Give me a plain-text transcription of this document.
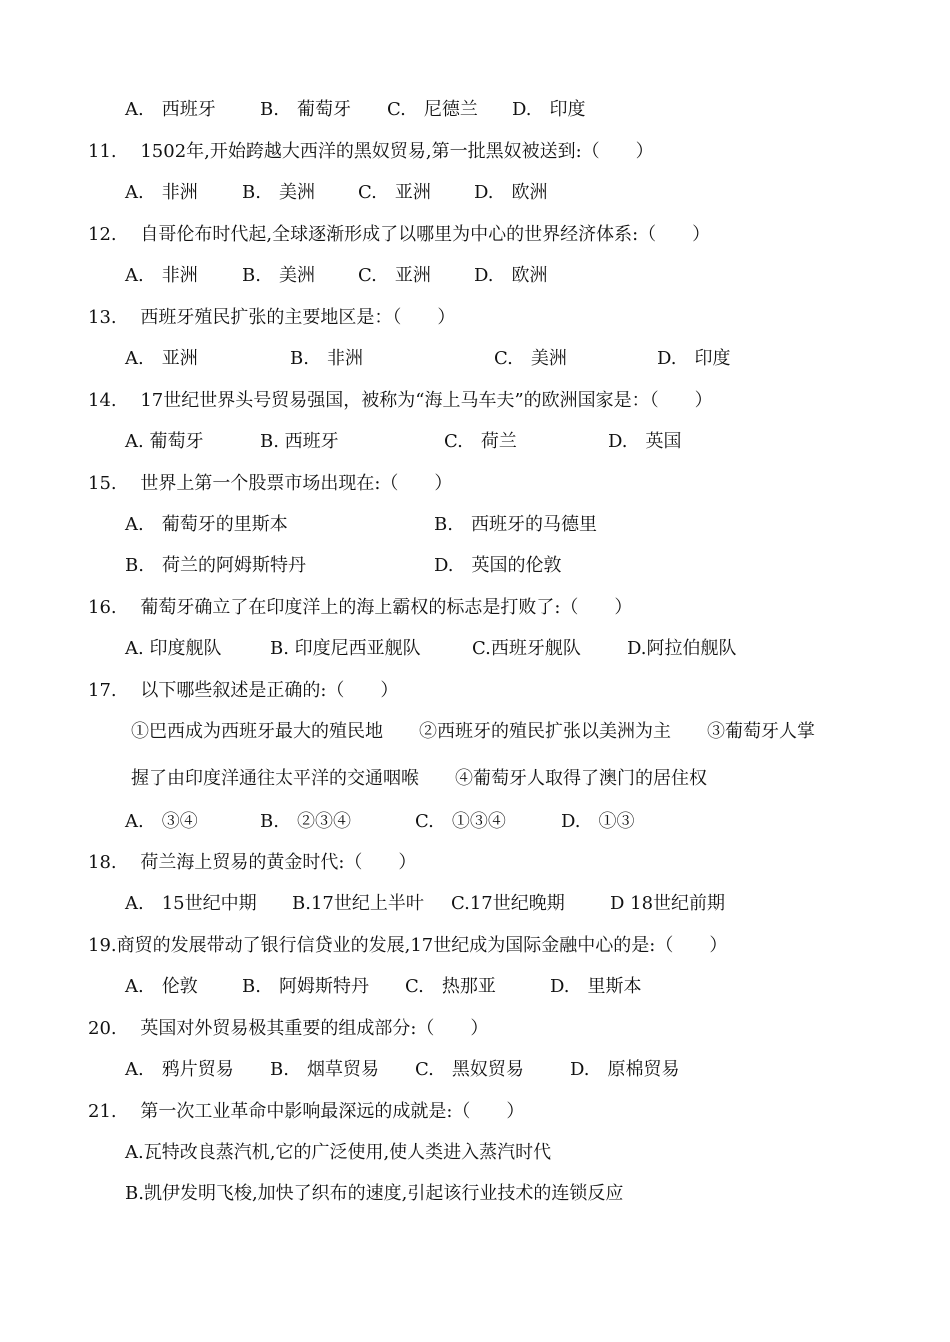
A.　西班牙 B.　葡萄牙 C.　尼德兰 D.　印度
11.　 1502年,开始跨越大西洋的黑奴贸易,第一批黑奴被送到:（　　）
A.　非洲 B.　美洲 C.　亚洲 D.　欧洲
12.　 自哥伦布时代起,全球逐渐形成了以哪里为中心的世界经济体系:（　　）
A.　非洲 B.　美洲 C.　亚洲 D.　欧洲
13.　 西班牙殖民扩张的主要地区是：（　　）
A.　亚洲	B.　非洲	C.　美洲	D.　印度
14.　 17世纪世界头号贸易强国，被称为“海上马车夫”的欧洲国家是：（　　）
A. 葡萄牙	B. 西班牙	C.　荷兰	D.　英国
15.　 世界上第一个股票市场出现在:（　　）
A.　葡萄牙的里斯本	B.　西班牙的马德里
B.　荷兰的阿姆斯特丹	D.　英国的伦敦
16.　 葡萄牙确立了在印度洋上的海上霸权的标志是打败了:（　　）
A. 印度舰队	B. 印度尼西亚舰队	C.西班牙舰队	D.阿拉伯舰队
17.　 以下哪些叙述是正确的:（　　）
①巴西成为西班牙最大的殖民地　　②西班牙的殖民扩张以美洲为主　　③葡萄牙人掌
握了由印度洋通往太平洋的交通咽喉　　④葡萄牙人取得了澳门的居住权
A.　③④	B.　②③④	C.　①③④	D.　①③
18.　 荷兰海上贸易的黄金时代:（　　）
A.　15世纪中期 B.17世纪上半叶 C.17世纪晚期	D 18世纪前期
19.商贸的发展带动了银行信贷业的发展,17世纪成为国际金融中心的是:（　　）
A.　伦敦 B.　阿姆斯特丹 C.　热那亚	D.　里斯本
20.　 英国对外贸易极其重要的组成部分:（　　）
A.　鸦片贸易 B.　烟草贸易 C.　黑奴贸易	D.　原棉贸易
21.　 第一次工业革命中影响最深远的成就是:（　　）
A.瓦特改良蒸汽机,它的广泛使用,使人类进入蒸汽时代
B.凯伊发明飞梭,加快了织布的速度,引起该行业技术的连锁反应
